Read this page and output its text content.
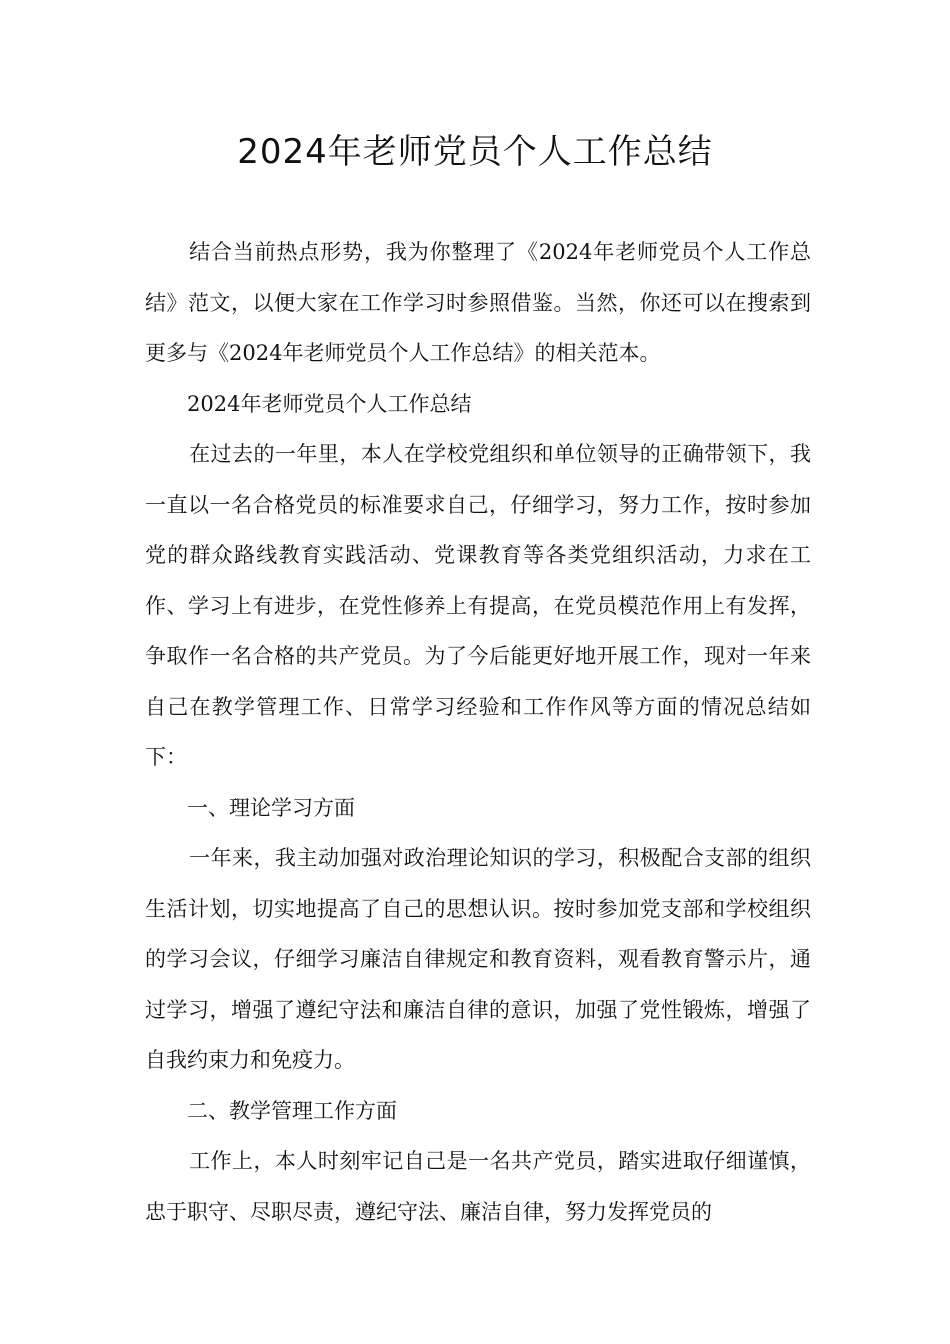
2024年老师党员个人工作总结

结合当前热点形势，我为你整理了《2024年老师党员个人工作总结》范文，以便大家在工作学习时参照借鉴。当然，你还可以在搜索到更多与《2024年老师党员个人工作总结》的相关范本。

2024年老师党员个人工作总结

在过去的一年里，本人在学校党组织和单位领导的正确带领下，我一直以一名合格党员的标准要求自己，仔细学习，努力工作，按时参加党的群众路线教育实践活动、党课教育等各类党组织活动，力求在工作、学习上有进步，在党性修养上有提高，在党员模范作用上有发挥，争取作一名合格的共产党员。为了今后能更好地开展工作，现对一年来自己在教学管理工作、日常学习经验和工作作风等方面的情况总结如下：

一、理论学习方面

一年来，我主动加强对政治理论知识的学习，积极配合支部的组织生活计划，切实地提高了自己的思想认识。按时参加党支部和学校组织的学习会议，仔细学习廉洁自律规定和教育资料，观看教育警示片，通过学习，增强了遵纪守法和廉洁自律的意识，加强了党性锻炼，增强了自我约束力和免疫力。

二、教学管理工作方面

工作上，本人时刻牢记自己是一名共产党员，踏实进取仔细谨慎，忠于职守、尽职尽责，遵纪守法、廉洁自律，努力发挥党员的
